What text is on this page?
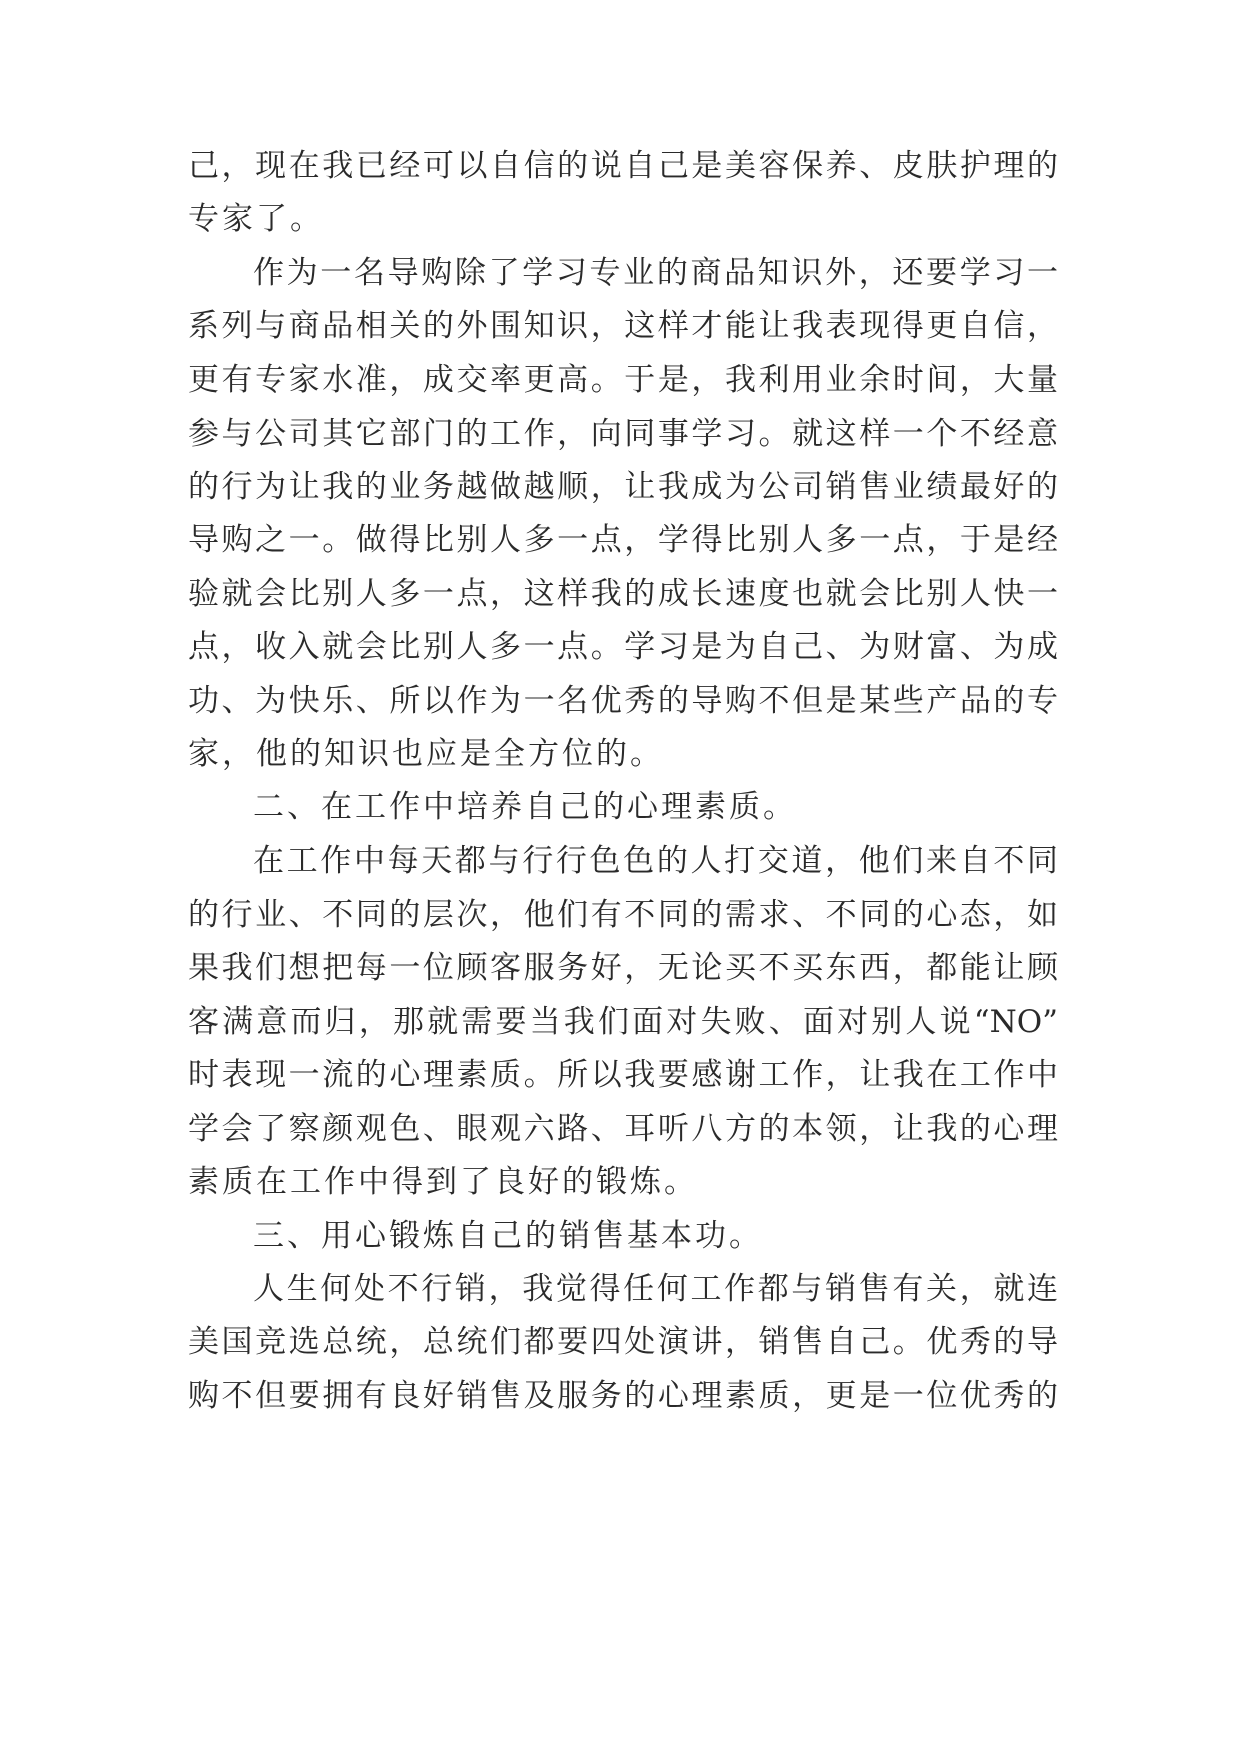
己，现在我已经可以自信的说自己是美容保养、皮肤护理的
专家了。
作为一名导购除了学习专业的商品知识外，还要学习一
系列与商品相关的外围知识，这样才能让我表现得更自信，
更有专家水准，成交率更高。于是，我利用业余时间，大量
参与公司其它部门的工作，向同事学习。就这样一个不经意
的行为让我的业务越做越顺，让我成为公司销售业绩最好的
导购之一。做得比别人多一点，学得比别人多一点，于是经
验就会比别人多一点，这样我的成长速度也就会比别人快一
点，收入就会比别人多一点。学习是为自己、为财富、为成
功、为快乐、所以作为一名优秀的导购不但是某些产品的专
家，他的知识也应是全方位的。
二、在工作中培养自己的心理素质。
在工作中每天都与行行色色的人打交道，他们来自不同
的行业、不同的层次，他们有不同的需求、不同的心态，如
果我们想把每一位顾客服务好，无论买不买东西，都能让顾
客满意而归，那就需要当我们面对失败、面对别人说“NO”
时表现一流的心理素质。所以我要感谢工作，让我在工作中
学会了察颜观色、眼观六路、耳听八方的本领，让我的心理
素质在工作中得到了良好的锻炼。
三、用心锻炼自己的销售基本功。
人生何处不行销，我觉得任何工作都与销售有关，就连
美国竞选总统，总统们都要四处演讲，销售自己。优秀的导
购不但要拥有良好销售及服务的心理素质，更是一位优秀的
